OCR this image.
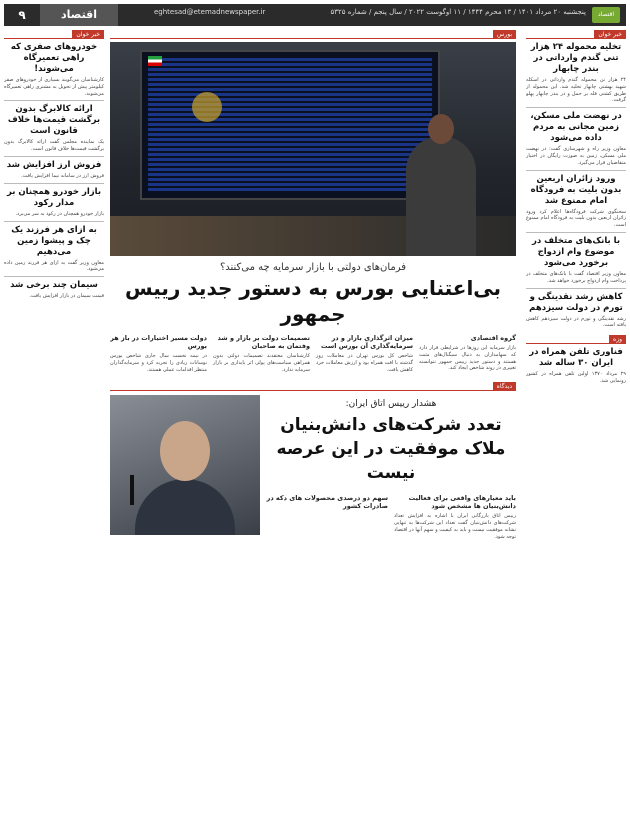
اقتصاد
پنجشنبه ۲۰ مرداد ۱۴۰۱ / ۱۳ محرم ۱۴۴۴ / ۱۱ اوگوست ۲۰۲۲ / سال پنجم / شماره ۵۳۲۵
eghtesad@etemadnewspaper.ir
اقتصاد
۹
خبر خوان
تخلیه محموله ۲۴ هزار تنی گندم وارداتی در بندر چابهار
۲۴ هزار تن محموله گندم وارداتی در اسکله شهید بهشتی چابهار تخلیه شد. این محموله از طریق کشتی فله بر حمل و در بندر چابهار پهلو گرفت.
در نهضت ملی مسکن، زمین مجانی به مردم داده می‌شود
معاون وزیر راه و شهرسازی گفت: در نهضت ملی مسکن، زمین به صورت رایگان در اختیار متقاضیان قرار می‌گیرد.
ورود زائران اربعین بدون بلیت به فرودگاه امام ممنوع شد
سخنگوی شرکت فرودگاه‌ها اعلام کرد ورود زائران اربعین بدون بلیت به فرودگاه امام ممنوع است.
با بانک‌های متخلف در موضوع وام ازدواج برخورد می‌شود
معاون وزیر اقتصاد گفت با بانک‌های متخلف در پرداخت وام ازدواج برخورد خواهد شد.
کاهش رشد نقدینگی و تورم در دولت سیزدهم
رشد نقدینگی و تورم در دولت سیزدهم کاهش یافته است.
وزه
فناوری تلفن همراه در ایران ۳۰ ساله شد
۲۹ مرداد ۱۳۷۰ اولین تلفن همراه در کشور رونمایی شد.
خبر خوان
خودروهای صفری که راهی تعمیرگاه می‌شوند!
کارشناسان می‌گویند بسیاری از خودروهای صفر کیلومتر پیش از تحویل به مشتری راهی تعمیرگاه می‌شوند.
ارائه کالابرگ بدون برگشت قیمت‌ها خلاف قانون است
یک نماینده مجلس گفت ارائه کالابرگ بدون برگشت قیمت‌ها خلاف قانون است.
فروش ارز افزایش شد
فروش ارز در سامانه نیما افزایش یافت.
بازار خودرو همچنان بر مدار رکود
بازار خودرو همچنان در رکود به سر می‌برد.
به ازای هر فرزند یک چک و پیشوا زمین می‌دهیم
معاون وزیر گفت به ازای هر فرزند زمین داده می‌شود.
سیمان چند برخی شد
قیمت سیمان در بازار افزایش یافت.
بورس
فرمان‌های دولتی با بازار سرمایه چه می‌کنند؟
بی‌اعتنایی بورس به دستور جدید رییس جمهور
گروه اقتصادی
بازار سرمایه این روزها در شرایطی قرار دارد که سهامداران به دنبال سیگنال‌های مثبت هستند و دستور جدید رییس جمهور نتوانسته تغییری در روند شاخص ایجاد کند.
میزان اثرگذاری بازار و در سرمایه‌گذاری آن بورس است
شاخص کل بورس تهران در معاملات روز گذشته با افت همراه بود و ارزش معاملات خرد کاهش یافت.
تصمیمات دولت بر بازار و شد وفتمان به صاحبان
کارشناسان معتقدند تصمیمات دولتی بدون همراهی سیاست‌های پولی اثر پایداری بر بازار سرمایه ندارد.
دولت مسیر اختیارات در باز هر بورس
در نیمه نخست سال جاری شاخص بورس نوسانات زیادی را تجربه کرد و سرمایه‌گذاران منتظر اقدامات عملی هستند.
دیدگاه
هشدار رییس اتاق ایران:
تعدد شرکت‌های دانش‌بنیان ملاک موفقیت در این عرصه نیست
باید معیارهای واقعی برای فعالیت دانش‌بنیان ها مشخص شود
رییس اتاق بازرگانی ایران با اشاره به افزایش تعداد شرکت‌های دانش‌بنیان گفت تعداد این شرکت‌ها به تنهایی نشانه موفقیت نیست و باید به کیفیت و سهم آنها در اقتصاد توجه شود.
سهم دو درصدی محصولات های دکه در صادرات کشور
